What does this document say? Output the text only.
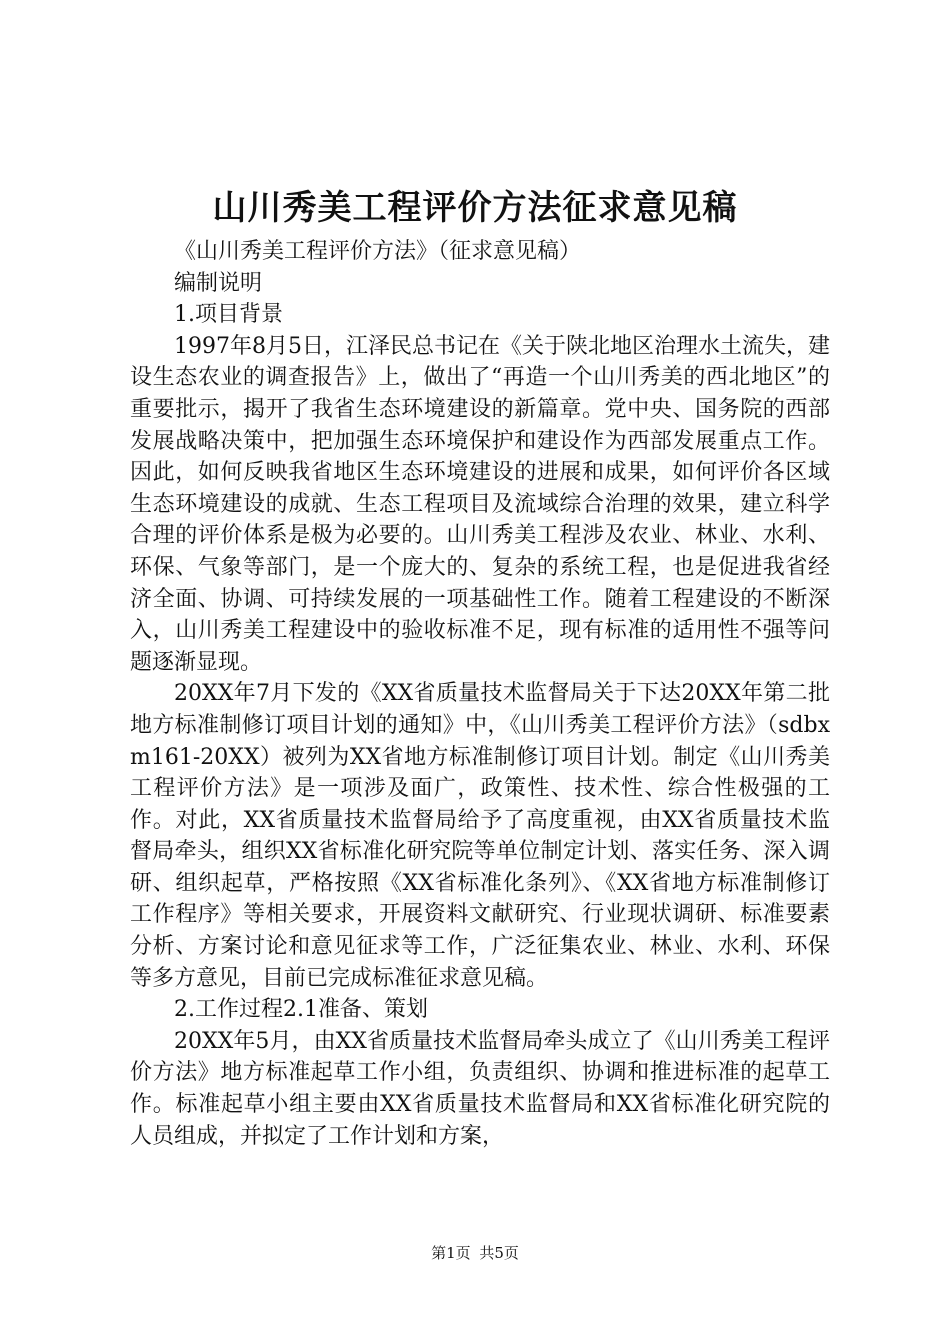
山川秀美工程评价方法征求意见稿

《山川秀美工程评价方法》（征求意见稿）

编制说明

1.项目背景

1997年8月5日，江泽民总书记在《关于陕北地区治理水土流失，建设生态农业的调查报告》上，做出了“再造一个山川秀美的西北地区”的重要批示，揭开了我省生态环境建设的新篇章。党中央、国务院的西部发展战略决策中，把加强生态环境保护和建设作为西部发展重点工作。因此，如何反映我省地区生态环境建设的进展和成果，如何评价各区域生态环境建设的成就、生态工程项目及流域综合治理的效果，建立科学合理的评价体系是极为必要的。山川秀美工程涉及农业、林业、水利、环保、气象等部门，是一个庞大的、复杂的系统工程，也是促进我省经济全面、协调、可持续发展的一项基础性工作。随着工程建设的不断深入，山川秀美工程建设中的验收标准不足，现有标准的适用性不强等问题逐渐显现。

20XX年7月下发的《XX省质量技术监督局关于下达20XX年第二批地方标准制修订项目计划的通知》中，《山川秀美工程评价方法》（sdbxm161-20XX）被列为XX省地方标准制修订项目计划。制定《山川秀美工程评价方法》是一项涉及面广，政策性、技术性、综合性极强的工作。对此，XX省质量技术监督局给予了高度重视，由XX省质量技术监督局牵头，组织XX省标准化研究院等单位制定计划、落实任务、深入调研、组织起草，严格按照《XX省标准化条列》、《XX省地方标准制修订工作程序》等相关要求，开展资料文献研究、行业现状调研、标准要素分析、方案讨论和意见征求等工作，广泛征集农业、林业、水利、环保等多方意见，目前已完成标准征求意见稿。

2.工作过程2.1准备、策划

20XX年5月，由XX省质量技术监督局牵头成立了《山川秀美工程评价方法》地方标准起草工作小组，负责组织、协调和推进标准的起草工作。标准起草小组主要由XX省质量技术监督局和XX省标准化研究院的人员组成，并拟定了工作计划和方案，

第1页 共5页
